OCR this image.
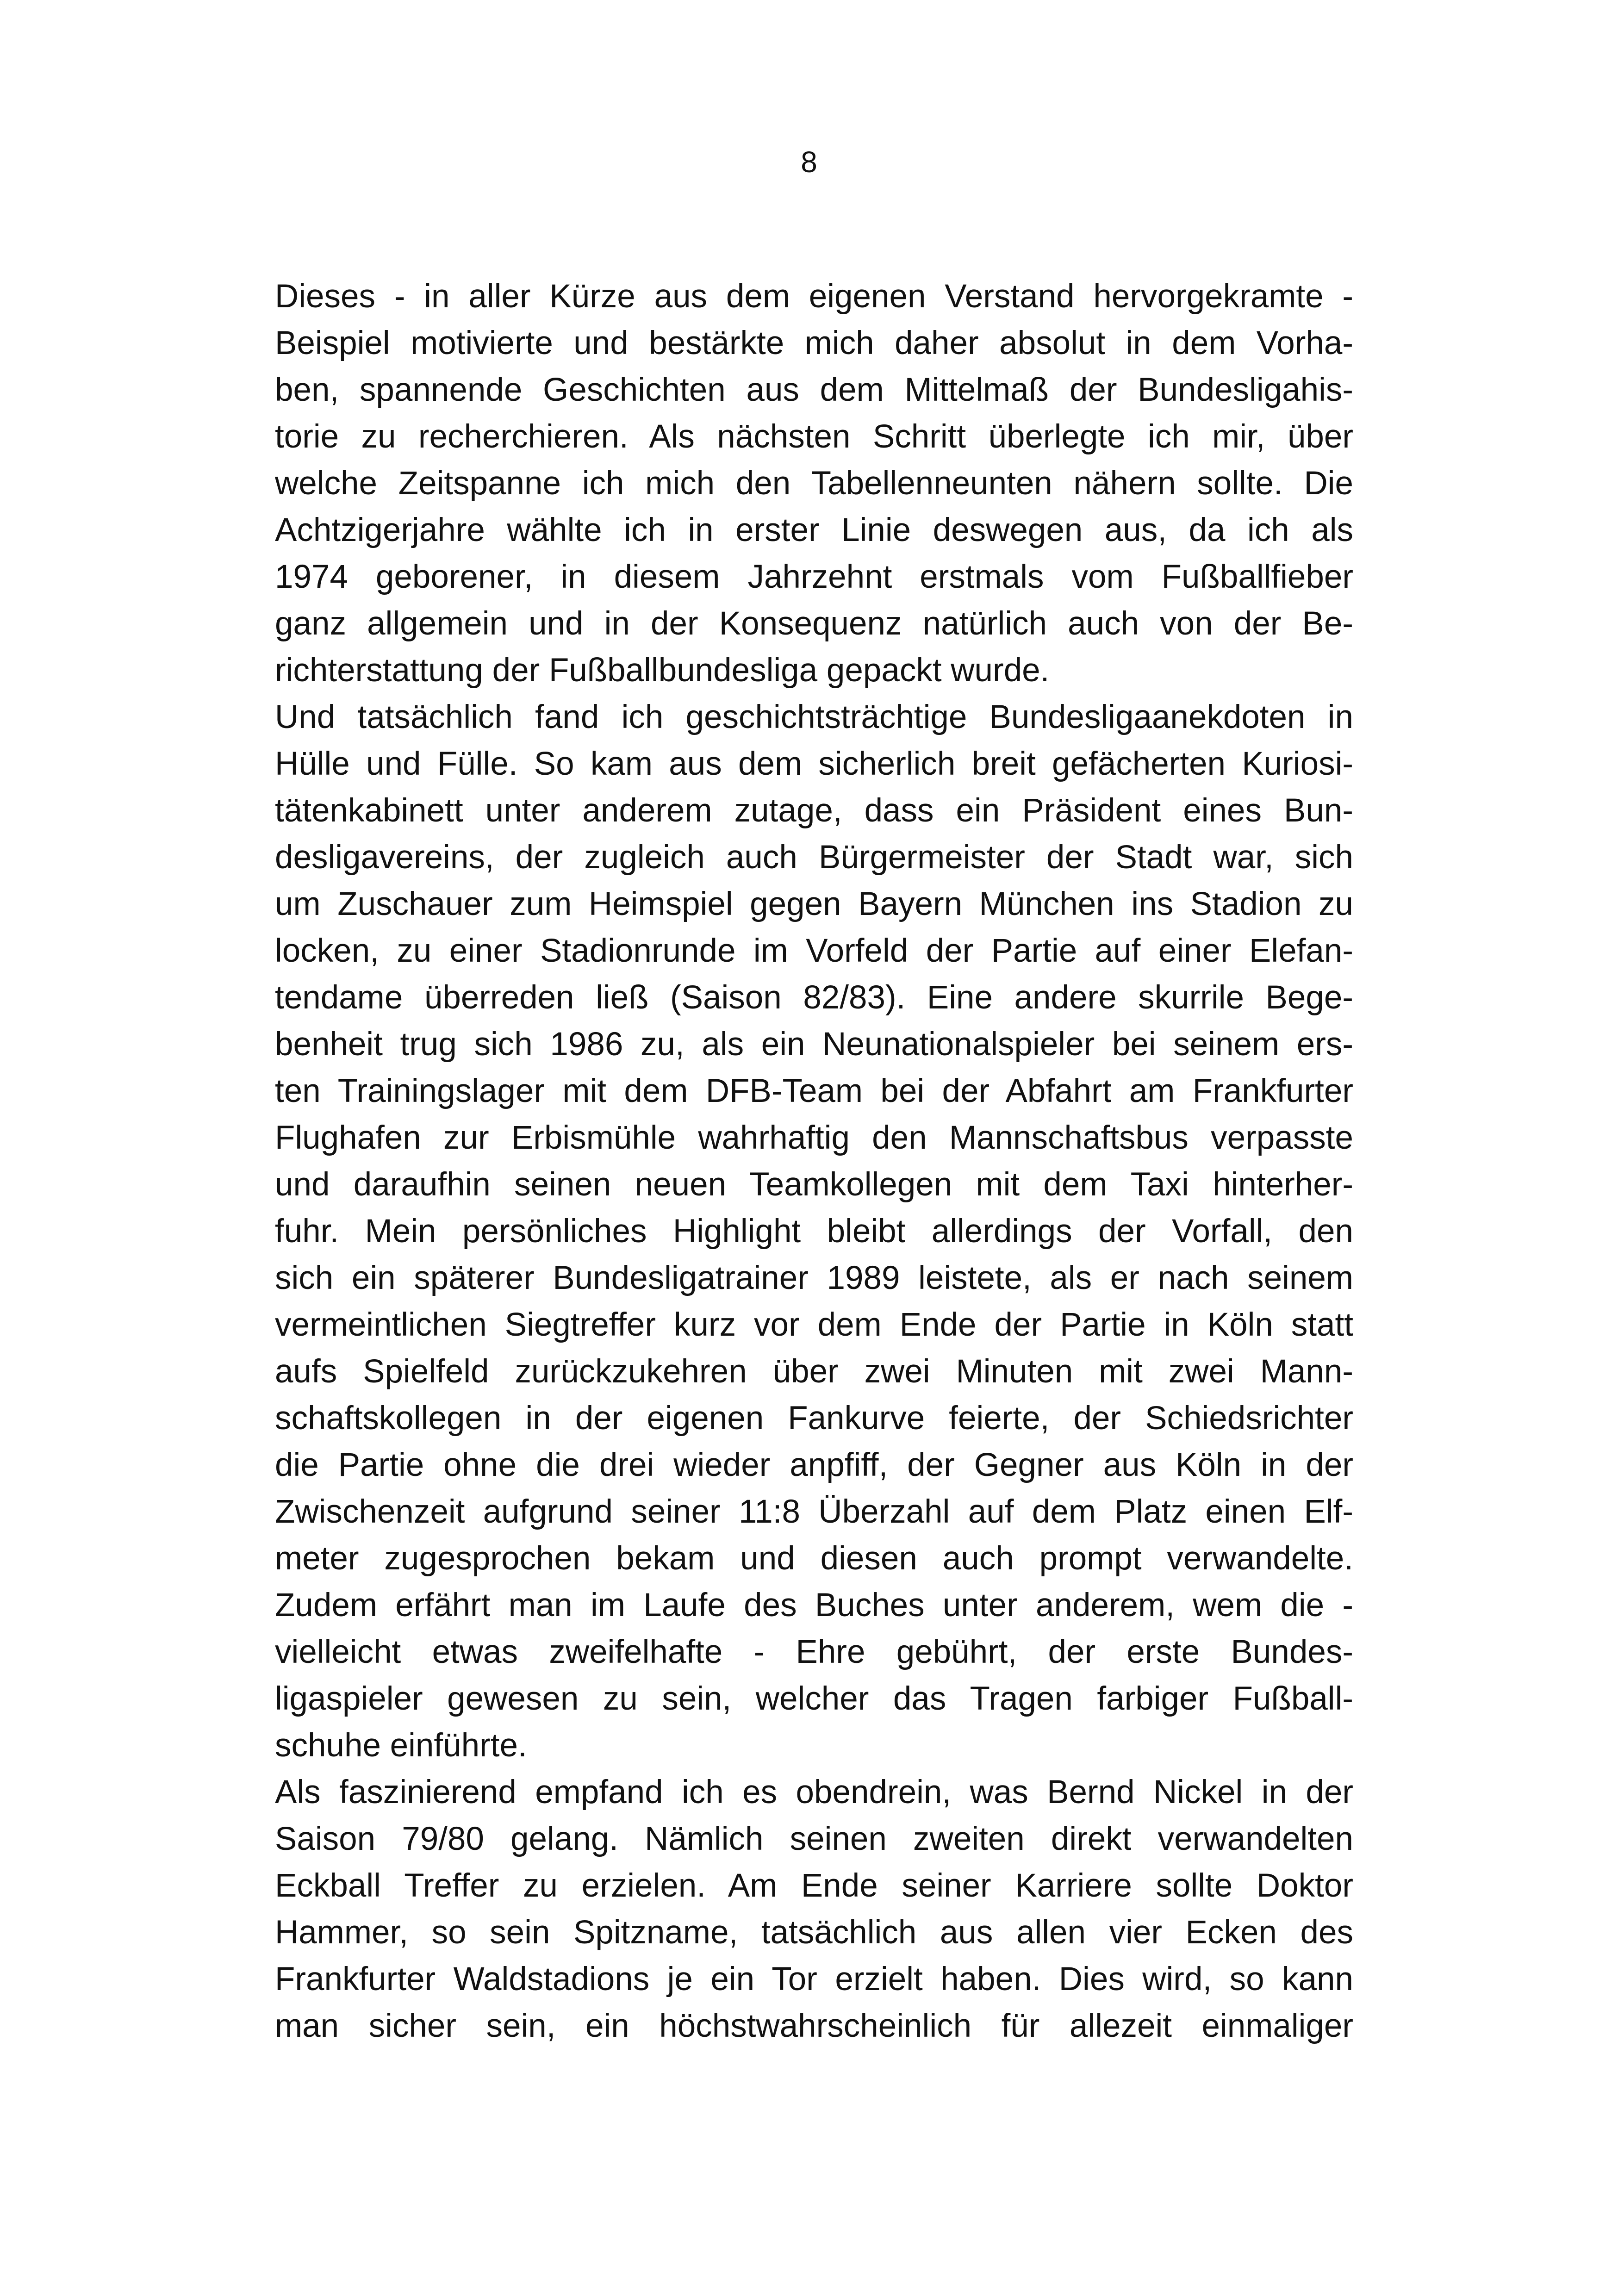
8
Dieses - in aller Kürze aus dem eigenen Verstand hervorgekramte -
Beispiel motivierte und bestärkte mich daher absolut in dem Vorha-
ben, spannende Geschichten aus dem Mittelmaß der Bundesligahis-
torie zu recherchieren. Als nächsten Schritt überlegte ich mir, über
welche Zeitspanne ich mich den Tabellenneunten nähern sollte. Die
Achtzigerjahre wählte ich in erster Linie deswegen aus, da ich als
1974 geborener, in diesem Jahrzehnt erstmals vom Fußballfieber
ganz allgemein und in der Konsequenz natürlich auch von der Be-
richterstattung der Fußballbundesliga gepackt wurde.
Und tatsächlich fand ich geschichtsträchtige Bundesligaanekdoten in
Hülle und Fülle. So kam aus dem sicherlich breit gefächerten Kuriosi-
tätenkabinett unter anderem zutage, dass ein Präsident eines Bun-
desligavereins, der zugleich auch Bürgermeister der Stadt war, sich
um Zuschauer zum Heimspiel gegen Bayern München ins Stadion zu
locken, zu einer Stadionrunde im Vorfeld der Partie auf einer Elefan-
tendame überreden ließ (Saison 82/83). Eine andere skurrile Bege-
benheit trug sich 1986 zu, als ein Neunationalspieler bei seinem ers-
ten Trainingslager mit dem DFB-Team bei der Abfahrt am Frankfurter
Flughafen zur Erbismühle wahrhaftig den Mannschaftsbus verpasste
und daraufhin seinen neuen Teamkollegen mit dem Taxi hinterher-
fuhr. Mein persönliches Highlight bleibt allerdings der Vorfall, den
sich ein späterer Bundesligatrainer 1989 leistete, als er nach seinem
vermeintlichen Siegtreffer kurz vor dem Ende der Partie in Köln statt
aufs Spielfeld zurückzukehren über zwei Minuten mit zwei Mann-
schaftskollegen in der eigenen Fankurve feierte, der Schiedsrichter
die Partie ohne die drei wieder anpfiff, der Gegner aus Köln in der
Zwischenzeit aufgrund seiner 11:8 Überzahl auf dem Platz einen Elf-
meter zugesprochen bekam und diesen auch prompt verwandelte.
Zudem erfährt man im Laufe des Buches unter anderem, wem die -
vielleicht etwas zweifelhafte - Ehre gebührt, der erste Bundes-
ligaspieler gewesen zu sein, welcher das Tragen farbiger Fußball-
schuhe einführte.
Als faszinierend empfand ich es obendrein, was Bernd Nickel in der
Saison 79/80 gelang. Nämlich seinen zweiten direkt verwandelten
Eckball Treffer zu erzielen. Am Ende seiner Karriere sollte Doktor
Hammer, so sein Spitzname, tatsächlich aus allen vier Ecken des
Frankfurter Waldstadions je ein Tor erzielt haben. Dies wird, so kann
man sicher sein, ein höchstwahrscheinlich für allezeit einmaliger
